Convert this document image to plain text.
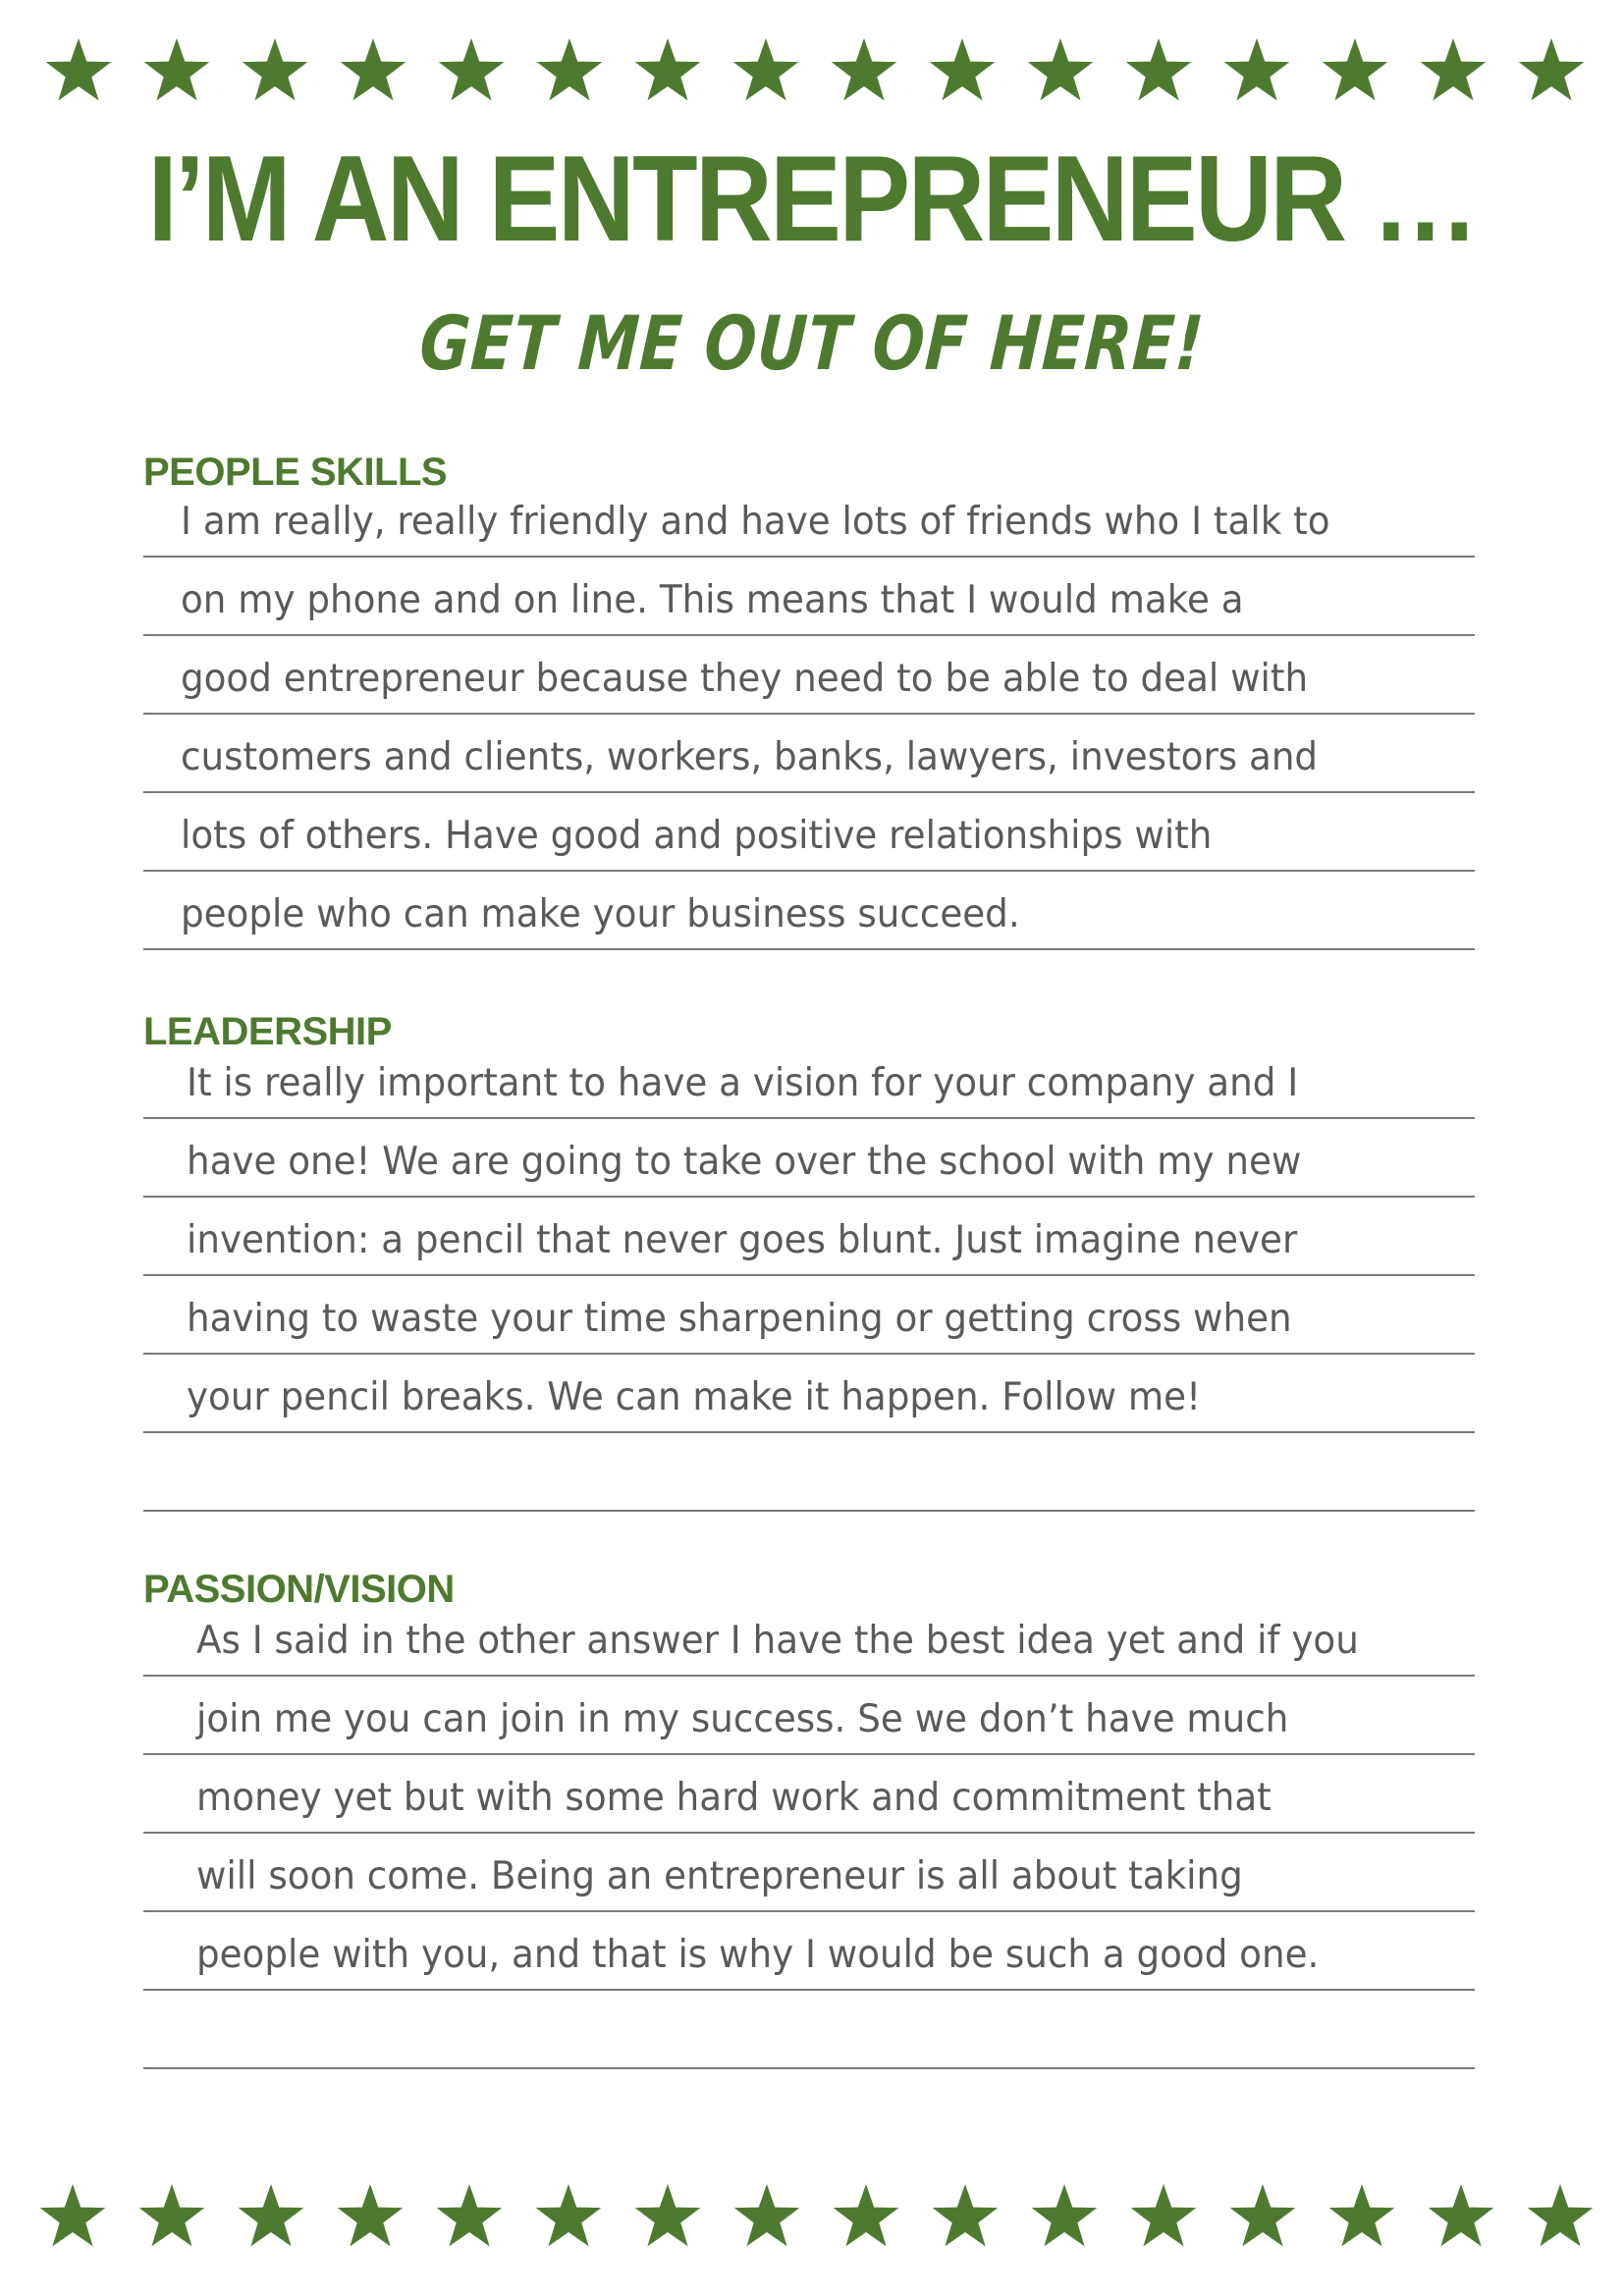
I’M AN ENTREPRENEUR …
GET ME OUT OF HERE!
PEOPLE SKILLS
I am really, really friendly and have lots of friends who I talk to
on my phone and on line. This means that I would make a
good entrepreneur because they need to be able to deal with
customers and clients, workers, banks, lawyers, investors and
lots of others. Have good and positive relationships with
people who can make your business succeed.
LEADERSHIP
It is really important to have a vision for your company and I
have one! We are going to take over the school with my new
invention: a pencil that never goes blunt. Just imagine never
having to waste your time sharpening or getting cross when
your pencil breaks. We can make it happen. Follow me!
PASSION/VISION
As I said in the other answer I have the best idea yet and if you
join me you can join in my success. Se we don’t have much
money yet but with some hard work and commitment that
will soon come. Being an entrepreneur is all about taking
people with you, and that is why I would be such a good one.
